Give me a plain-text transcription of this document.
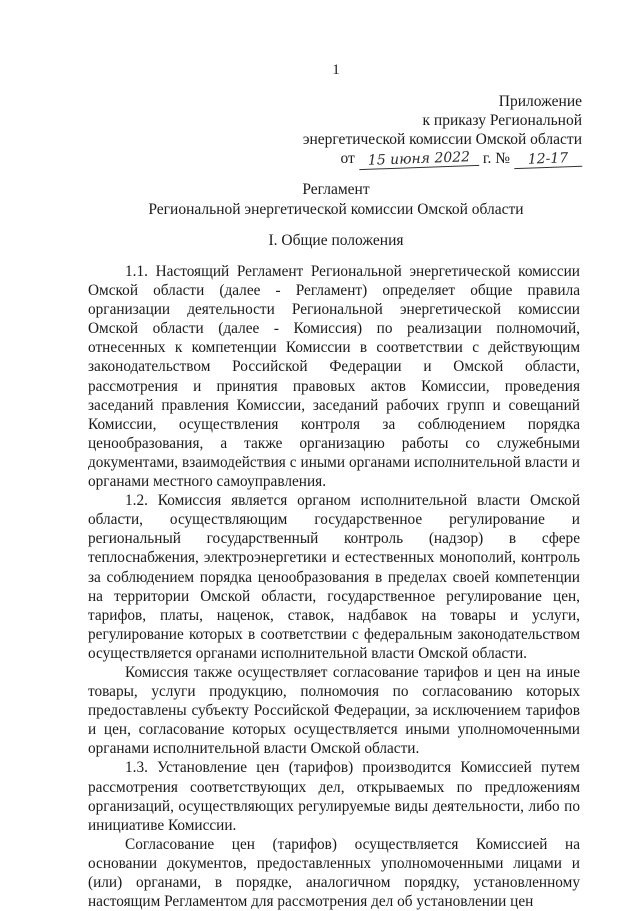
1
Приложение
к приказу Региональной
энергетической комиссии Омской области
от 15 июня 2022 г. №	12-17
Регламент
Региональной энергетической комиссии Омской области
I. Общие положения

1.1. Настоящий Регламент Региональной энергетической комиссии Омской области (далее - Регламент) определяет общие правила организации деятельности Региональной энергетической комиссии Омской области (далее - Комиссия) по реализации полномочий, отнесенных к компетенции Комиссии в соответствии с действующим законодательством Российской Федерации и Омской области, рассмотрения и принятия правовых актов Комиссии, проведения заседаний правления Комиссии, заседаний рабочих групп и совещаний Комиссии, осуществления контроля за соблюдением порядка ценообразования, а также организацию работы со служебными документами, взаимодействия с иными органами исполнительной власти и органами местного самоуправления.

1.2. Комиссия является органом исполнительной власти Омской области, осуществляющим государственное регулирование и региональный государственный контроль (надзор) в сфере теплоснабжения, электроэнергетики и естественных монополий, контроль за соблюдением порядка ценообразования в пределах своей компетенции на территории Омской области, государственное регулирование цен, тарифов, платы, наценок, ставок, надбавок на товары и услуги, регулирование которых в соответствии с федеральным законодательством осуществляется органами исполнительной власти Омской области.

Комиссия также осуществляет согласование тарифов и цен на иные товары, услуги продукцию, полномочия по согласованию которых предоставлены субъекту Российской Федерации, за исключением тарифов и цен, согласование которых осуществляется иными уполномоченными органами исполнительной власти Омской области.

1.3. Установление цен (тарифов) производится Комиссией путем рассмотрения соответствующих дел, открываемых по предложениям организаций, осуществляющих регулируемые виды деятельности, либо по инициативе Комиссии.

Согласование цен (тарифов) осуществляется Комиссией на основании документов, предоставленных уполномоченными лицами и (или) органами, в порядке, аналогичном порядку, установленному настоящим Регламентом для рассмотрения дел об установлении цен
